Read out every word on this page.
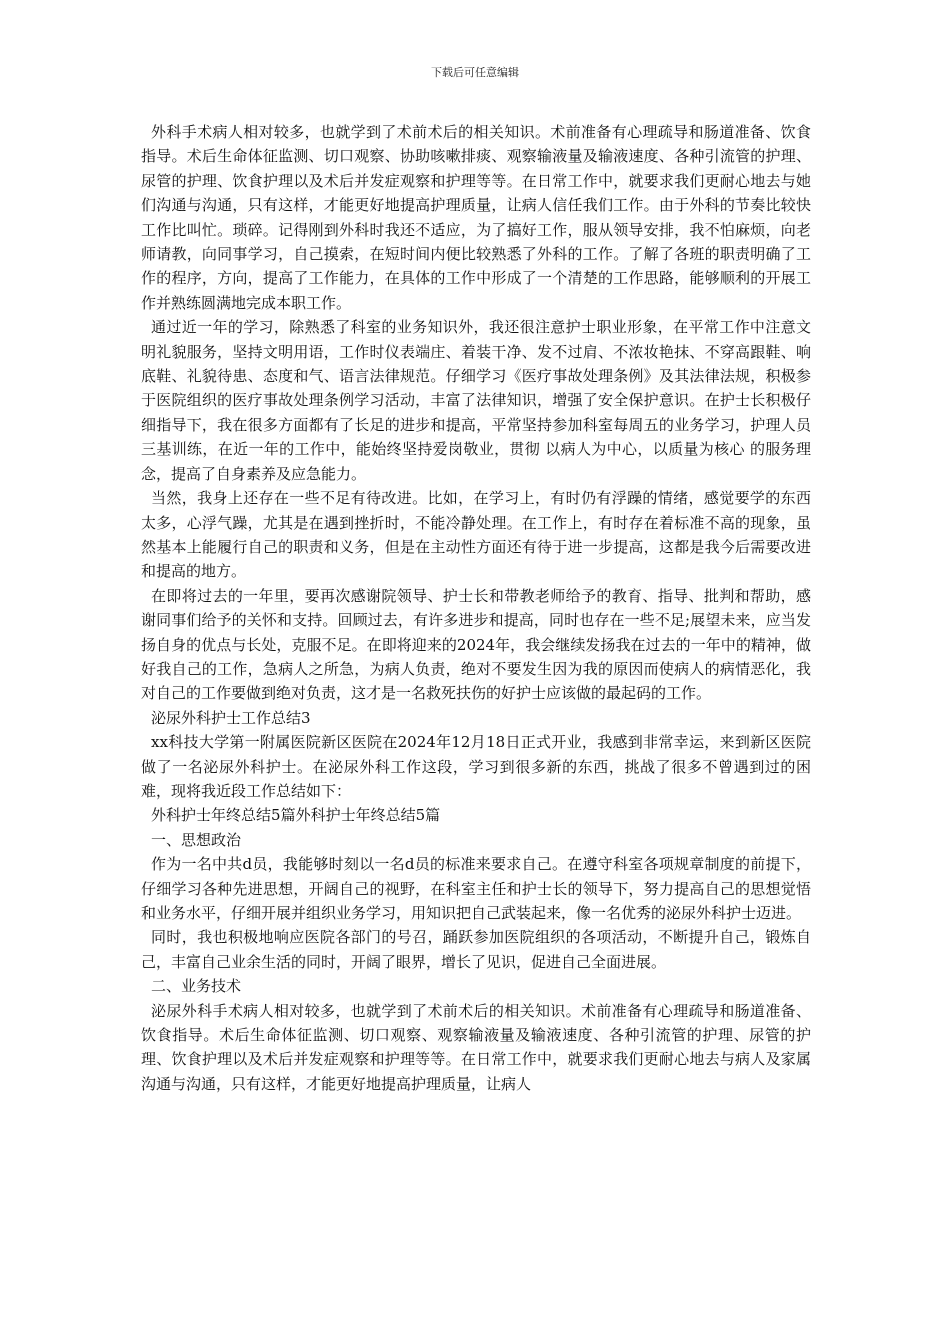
下载后可任意编辑

外科手术病人相对较多，也就学到了术前术后的相关知识。术前准备有心理疏导和肠道准备、饮食指导。术后生命体征监测、切口观察、协助咳嗽排痰、观察输液量及输液速度、各种引流管的护理、尿管的护理、饮食护理以及术后并发症观察和护理等等。在日常工作中，就要求我们更耐心地去与她们沟通与沟通，只有这样，才能更好地提高护理质量，让病人信任我们工作。由于外科的节奏比较快工作比叫忙。琐碎。记得刚到外科时我还不适应，为了搞好工作，服从领导安排，我不怕麻烦，向老师请教，向同事学习，自己摸索，在短时间内便比较熟悉了外科的工作。了解了各班的职责明确了工作的程序，方向，提高了工作能力，在具体的工作中形成了一个清楚的工作思路，能够顺利的开展工作并熟练圆满地完成本职工作。

通过近一年的学习，除熟悉了科室的业务知识外，我还很注意护士职业形象，在平常工作中注意文明礼貌服务，坚持文明用语，工作时仪表端庄、着装干净、发不过肩、不浓妆艳抹、不穿高跟鞋、响底鞋、礼貌待患、态度和气、语言法律规范。仔细学习《医疗事故处理条例》及其法律法规，积极参于医院组织的医疗事故处理条例学习活动，丰富了法律知识，增强了安全保护意识。在护士长积极仔细指导下，我在很多方面都有了长足的进步和提高，平常坚持参加科室每周五的业务学习，护理人员三基训练，在近一年的工作中，能始终坚持爱岗敬业，贯彻 以病人为中心，以质量为核心 的服务理念，提高了自身素养及应急能力。

当然，我身上还存在一些不足有待改进。比如，在学习上，有时仍有浮躁的情绪，感觉要学的东西太多，心浮气躁，尤其是在遇到挫折时，不能冷静处理。在工作上，有时存在着标准不高的现象，虽然基本上能履行自己的职责和义务，但是在主动性方面还有待于进一步提高，这都是我今后需要改进和提高的地方。

在即将过去的一年里，要再次感谢院领导、护士长和带教老师给予的教育、指导、批判和帮助，感谢同事们给予的关怀和支持。回顾过去，有许多进步和提高，同时也存在一些不足;展望未来，应当发扬自身的优点与长处，克服不足。在即将迎来的2024年，我会继续发扬我在过去的一年中的精神，做好我自己的工作，急病人之所急，为病人负责，绝对不要发生因为我的原因而使病人的病情恶化，我对自己的工作要做到绝对负责，这才是一名救死扶伤的好护士应该做的最起码的工作。

泌尿外科护士工作总结3

xx科技大学第一附属医院新区医院在2024年12月18日正式开业，我感到非常幸运，来到新区医院做了一名泌尿外科护士。在泌尿外科工作这段，学习到很多新的东西，挑战了很多不曾遇到过的困难，现将我近段工作总结如下：

外科护士年终总结5篇外科护士年终总结5篇

一、思想政治

作为一名中共d员，我能够时刻以一名d员的标准来要求自己。在遵守科室各项规章制度的前提下，仔细学习各种先进思想，开阔自己的视野，在科室主任和护士长的领导下，努力提高自己的思想觉悟和业务水平，仔细开展并组织业务学习，用知识把自己武装起来，像一名优秀的泌尿外科护士迈进。

同时，我也积极地响应医院各部门的号召，踊跃参加医院组织的各项活动，不断提升自己，锻炼自己，丰富自己业余生活的同时，开阔了眼界，增长了见识，促进自己全面进展。

二、业务技术

泌尿外科手术病人相对较多，也就学到了术前术后的相关知识。术前准备有心理疏导和肠道准备、饮食指导。术后生命体征监测、切口观察、观察输液量及输液速度、各种引流管的护理、尿管的护理、饮食护理以及术后并发症观察和护理等等。在日常工作中，就要求我们更耐心地去与病人及家属沟通与沟通，只有这样，才能更好地提高护理质量，让病人
